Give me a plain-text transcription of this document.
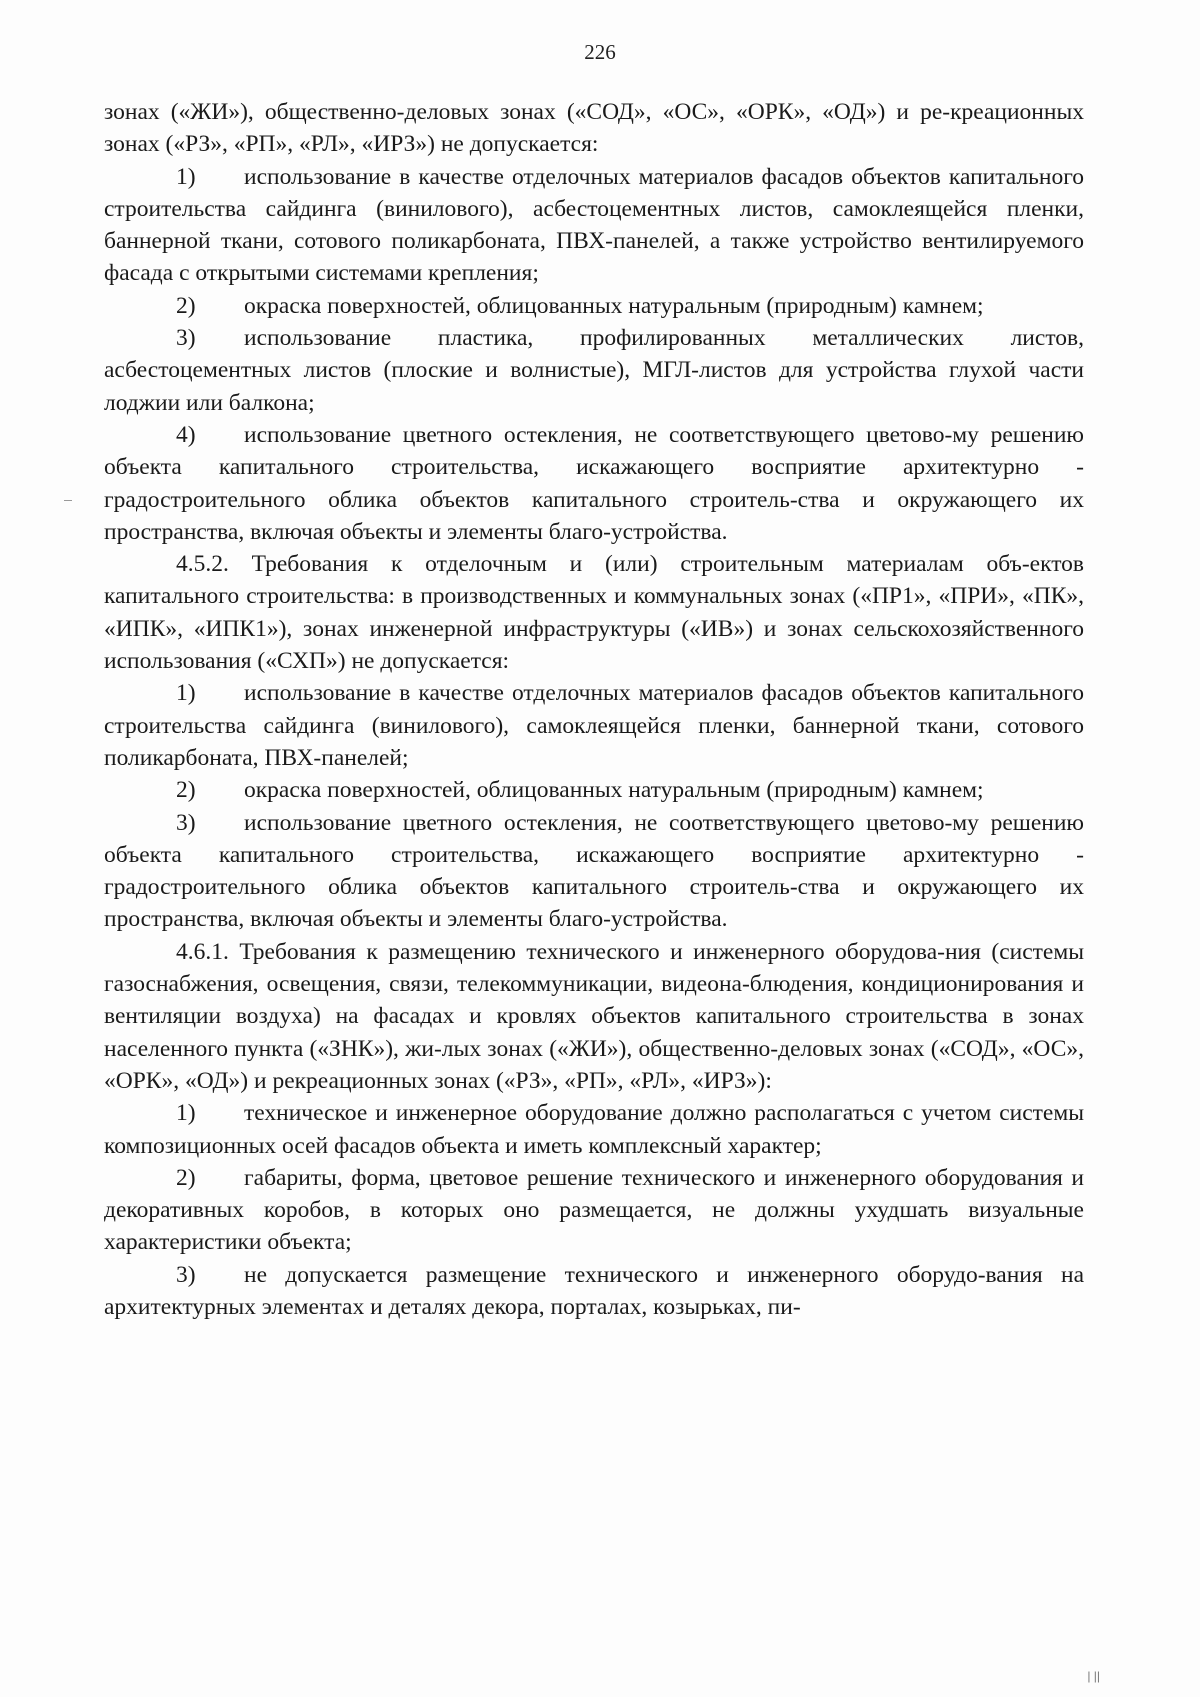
226

зонах («ЖИ»), общественно-деловых зонах («СОД», «ОС», «ОРК», «ОД») и ре-креационных зонах («РЗ», «РП», «РЛ», «ИРЗ») не допускается:

1) использование в качестве отделочных материалов фасадов объектов капитального строительства сайдинга (винилового), асбестоцементных листов, самоклеящейся пленки, баннерной ткани, сотового поликарбоната, ПВХ-панелей, а также устройство вентилируемого фасада с открытыми системами крепления;

2) окраска поверхностей, облицованных натуральным (природным) камнем;

3) использование пластика, профилированных металлических листов, асбестоцементных листов (плоские и волнистые), МГЛ-листов для устройства глухой части лоджии или балкона;

4) использование цветного остекления, не соответствующего цветово-му решению объекта капитального строительства, искажающего восприятие архитектурно - градостроительного облика объектов капитального строитель-ства и окружающего их пространства, включая объекты и элементы благо-устройства.

4.5.2. Требования к отделочным и (или) строительным материалам объ-ектов капитального строительства: в производственных и коммунальных зонах («ПР1», «ПРИ», «ПК», «ИПК», «ИПК1»), зонах инженерной инфраструктуры («ИВ») и зонах сельскохозяйственного использования («СХП») не допускается:

1) использование в качестве отделочных материалов фасадов объектов капитального строительства сайдинга (винилового), самоклеящейся пленки, баннерной ткани, сотового поликарбоната, ПВХ-панелей;

2) окраска поверхностей, облицованных натуральным (природным) камнем;

3) использование цветного остекления, не соответствующего цветово-му решению объекта капитального строительства, искажающего восприятие архитектурно - градостроительного облика объектов капитального строитель-ства и окружающего их пространства, включая объекты и элементы благо-устройства.

4.6.1. Требования к размещению технического и инженерного оборудова-ния (системы газоснабжения, освещения, связи, телекоммуникации, видеона-блюдения, кондиционирования и вентиляции воздуха) на фасадах и кровлях объектов капитального строительства в зонах населенного пункта («ЗНК»), жи-лых зонах («ЖИ»), общественно-деловых зонах («СОД», «ОС», «ОРК», «ОД») и рекреационных зонах («РЗ», «РП», «РЛ», «ИРЗ»):

1) техническое и инженерное оборудование должно располагаться с учетом системы композиционных осей фасадов объекта и иметь комплексный характер;

2) габариты, форма, цветовое решение технического и инженерного оборудования и декоративных коробов, в которых оно размещается, не должны ухудшать визуальные характеристики объекта;

3) не допускается размещение технического и инженерного оборудо-вания на архитектурных элементах и деталях декора, порталах, козырьках, пи-

| ||
